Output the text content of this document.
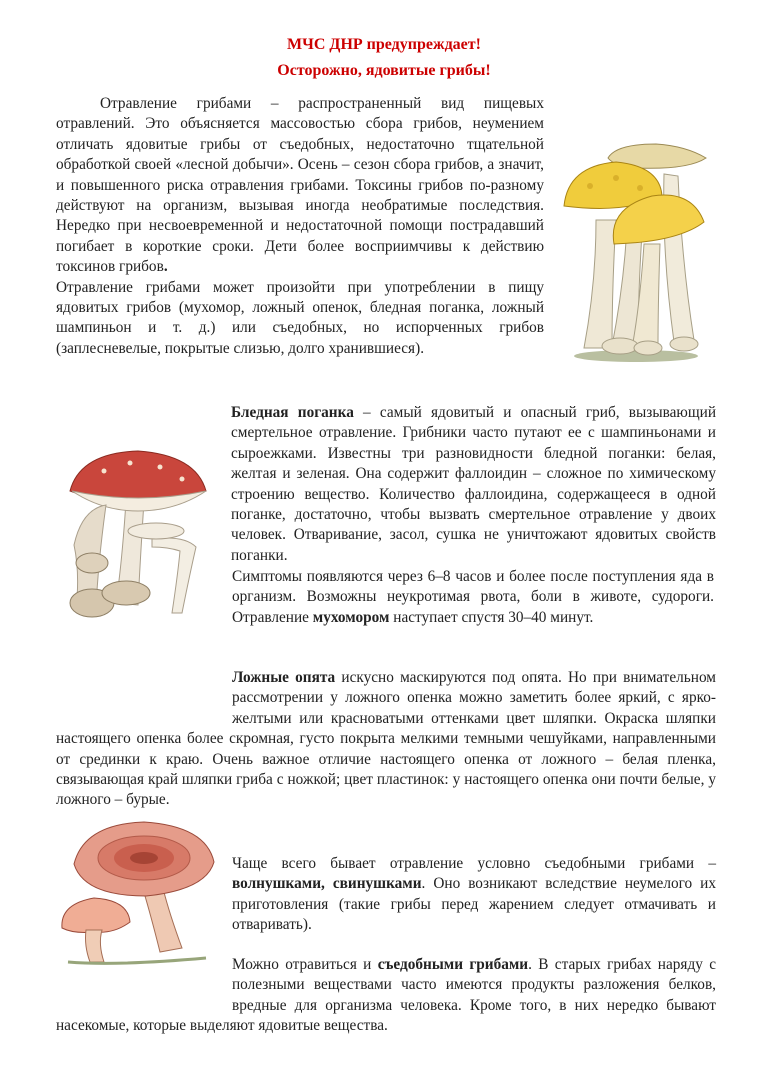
МЧС ДНР предупреждает!
Осторожно, ядовитые грибы!

Отравление грибами – распространенный вид пищевых отравлений. Это объясняется массовостью сбора грибов, неумением отличать ядовитые грибы от съедобных, недостаточно тщательной обработкой своей «лесной добычи». Осень – сезон сбора грибов, а значит, и повышенного риска отравления грибами. Токсины грибов по-разному действуют на организм, вызывая иногда необратимые последствия. Нередко при несвоевременной и недостаточной помощи пострадавший погибает в короткие сроки. Дети более восприимчивы к действию токсинов грибов.
Отравление грибами может произойти при употреблении в пищу ядовитых грибов (мухомор, ложный опенок, бледная поганка, ложный шампиньон и т. д.) или съедобных, но испорченных грибов (заплесневелые, покрытые слизью, долго хранившиеся).

Бледная поганка – самый ядовитый и опасный гриб, вызывающий смертельное отравление. Грибники часто путают ее с шампиньонами и сыроежками. Известны три разновидности бледной поганки: белая, желтая и зеленая. Она содержит фаллоидин – сложное по химическому строению вещество. Количество фаллоидина, содержащееся в одной поганке, достаточно, чтобы вызвать смертельное отравление у двоих человек. Отваривание, засол, сушка не уничтожают ядовитых свойств поганки.

Симптомы появляются через 6–8 часов и более после поступления яда в организм. Возможны неукротимая рвота, боли в животе, судороги. Отравление мухомором наступает спустя 30–40 минут.

Ложные опята искусно маскируются под опята. Но при внимательном рассмотрении у ложного опенка можно заметить более яркий, с ярко-желтыми или красноватыми оттенками цвет шляпки. Окраска шляпки настоящего опенка более скромная, густо покрыта мелкими темными чешуйками, направленными от срединки к краю. Очень важное отличие настоящего опенка от ложного – белая пленка, связывающая край шляпки гриба с ножкой; цвет пластинок: у настоящего опенка они почти белые, у ложного – бурые.

Чаще всего бывает отравление условно съедобными грибами – волнушками, свинушками. Оно возникают вследствие неумелого их приготовления (такие грибы перед жарением следует отмачивать и отваривать).

Можно отравиться и съедобными грибами. В старых грибах наряду с полезными веществами часто имеются продукты разложения белков, вредные для организма человека. Кроме того, в них нередко бывают насекомые, которые выделяют ядовитые вещества.
